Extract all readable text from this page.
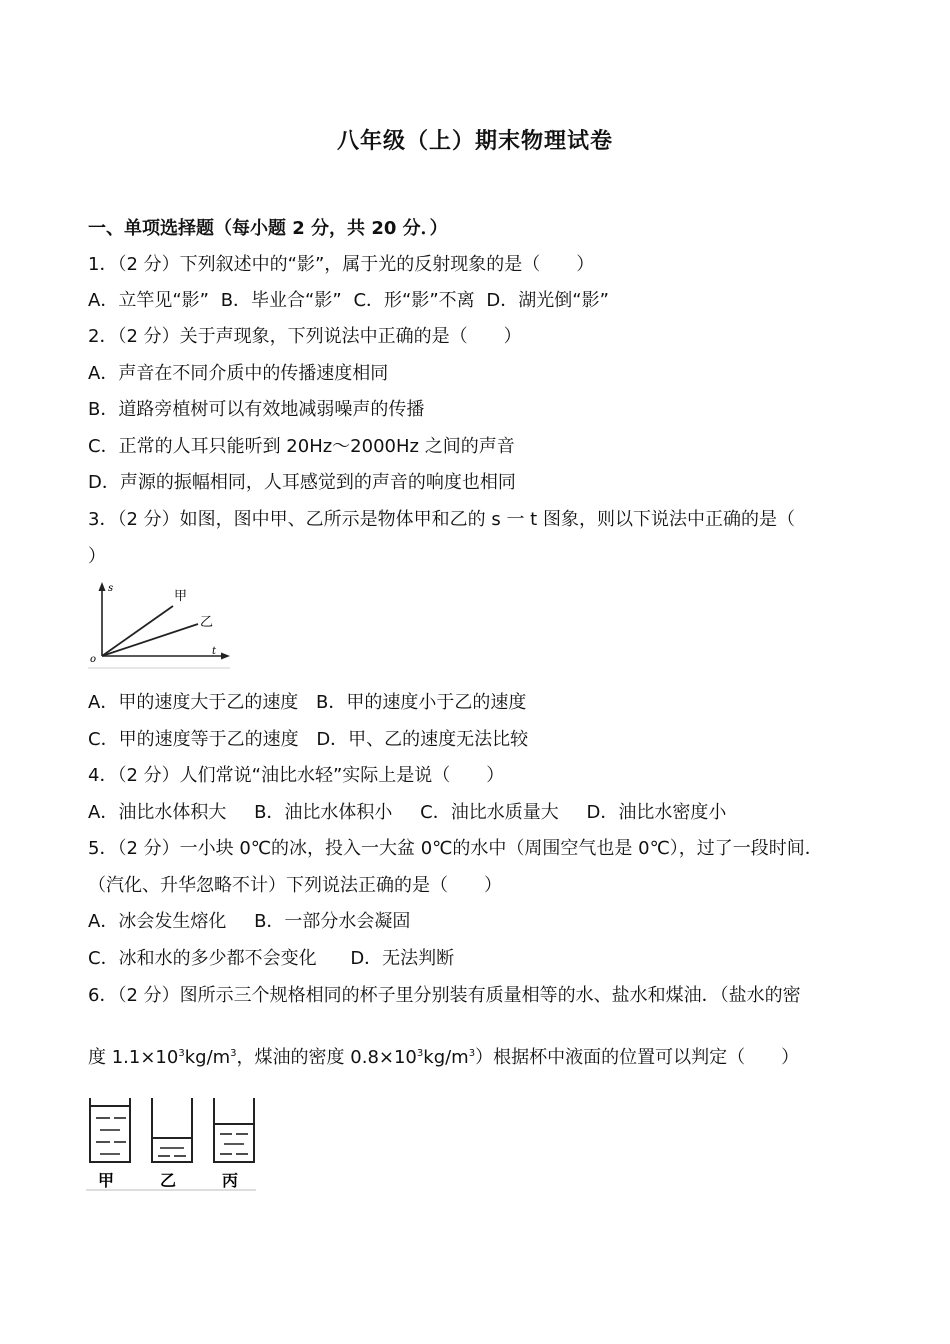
八年级（上）期末物理试卷
一、单项选择题（每小题 2 分，共 20 分．）
1．（2 分）下列叙述中的“影”，属于光的反射现象的是（　　）
A．立竿见“影” B．毕业合“影” C．形“影”不离 D．湖光倒“影”
2．（2 分）关于声现象，下列说法中正确的是（　　）
A．声音在不同介质中的传播速度相同
B．道路旁植树可以有效地减弱噪声的传播
C．正常的人耳只能听到 20Hz～2000Hz 之间的声音
D．声源的振幅相同，人耳感觉到的声音的响度也相同
3．（2 分）如图，图中甲、乙所示是物体甲和乙的 s 一 t 图象，则以下说法中正确的是（
）
s
t
o
甲
乙
A．甲的速度大于乙的速度 B．甲的速度小于乙的速度
C．甲的速度等于乙的速度 D．甲、乙的速度无法比较
4．（2 分）人们常说“油比水轻”实际上是说（　　）
A．油比水体积大 B．油比水体积小 C．油比水质量大 D．油比水密度小
5．（2 分）一小块 0℃的冰，投入一大盆 0℃的水中（周围空气也是 0℃），过了一段时间．
（汽化、升华忽略不计）下列说法正确的是（　　）
A．冰会发生熔化 B．一部分水会凝固
C．冰和水的多少都不会变化 D．无法判断
6．（2 分）图所示三个规格相同的杯子里分别装有质量相等的水、盐水和煤油．（盐水的密
度 $1.1\times 10^3kg/m^3$，煤油的密度 $0.8\times 10^3kg/m^3$）根据杯中液面的位置可以判定（　　）
甲	乙	丙
